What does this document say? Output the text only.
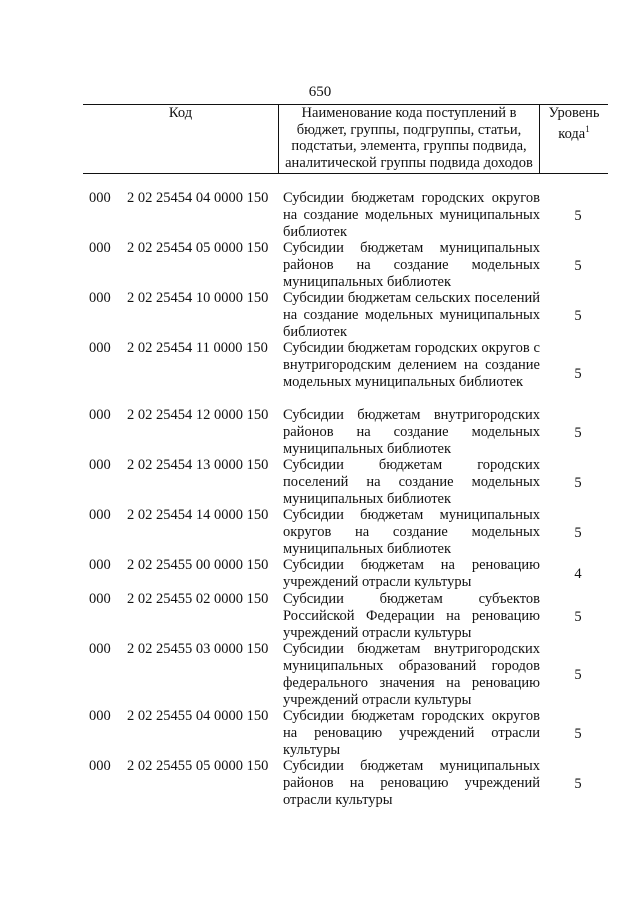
650
Код	Наименование кода поступлений в
бюджет, группы, подгруппы, статьи,
подстатьи, элемента, группы подвида,
аналитической группы подвида доходов
Уровень
кода$^1$
000 2 02 25454 04 0000 150 Субсидии бюджетам городских округов на создание модельных муниципальных библиотек
5
000 2 02 25454 05 0000 150 Субсидии бюджетам муниципальных районов на создание модельных муниципальных библиотек
5
000 2 02 25454 10 0000 150 Субсидии бюджетам сельских поселений на создание модельных муниципальных библиотек
5
000 2 02 25454 11 0000 150 Субсидии бюджетам городских округов с внутригородским делением на создание модельных муниципальных библиотек	5
000 2 02 25454 12 0000 150 Субсидии бюджетам внутригородских районов на создание модельных муниципальных библиотек
5
000 2 02 25454 13 0000 150 Субсидии бюджетам городских поселений на создание модельных муниципальных библиотек
5
000 2 02 25454 14 0000 150 Субсидии бюджетам муниципальных округов на создание модельных муниципальных библиотек
5
000 2 02 25455 00 0000 150 Субсидии бюджетам на реновацию учреждений отрасли культуры	4
000 2 02 25455 02 0000 150 Субсидии бюджетам субъектов Российской Федерации на реновацию учреждений отрасли культуры
5
000 2 02 25455 03 0000 150 Субсидии бюджетам внутригородских муниципальных образований городов федерального значения на реновацию учреждений отрасли культуры
5
000 2 02 25455 04 0000 150 Субсидии бюджетам городских округов на реновацию учреждений отрасли культуры
5
000 2 02 25455 05 0000 150 Субсидии бюджетам муниципальных районов на реновацию учреждений отрасли культуры
5
